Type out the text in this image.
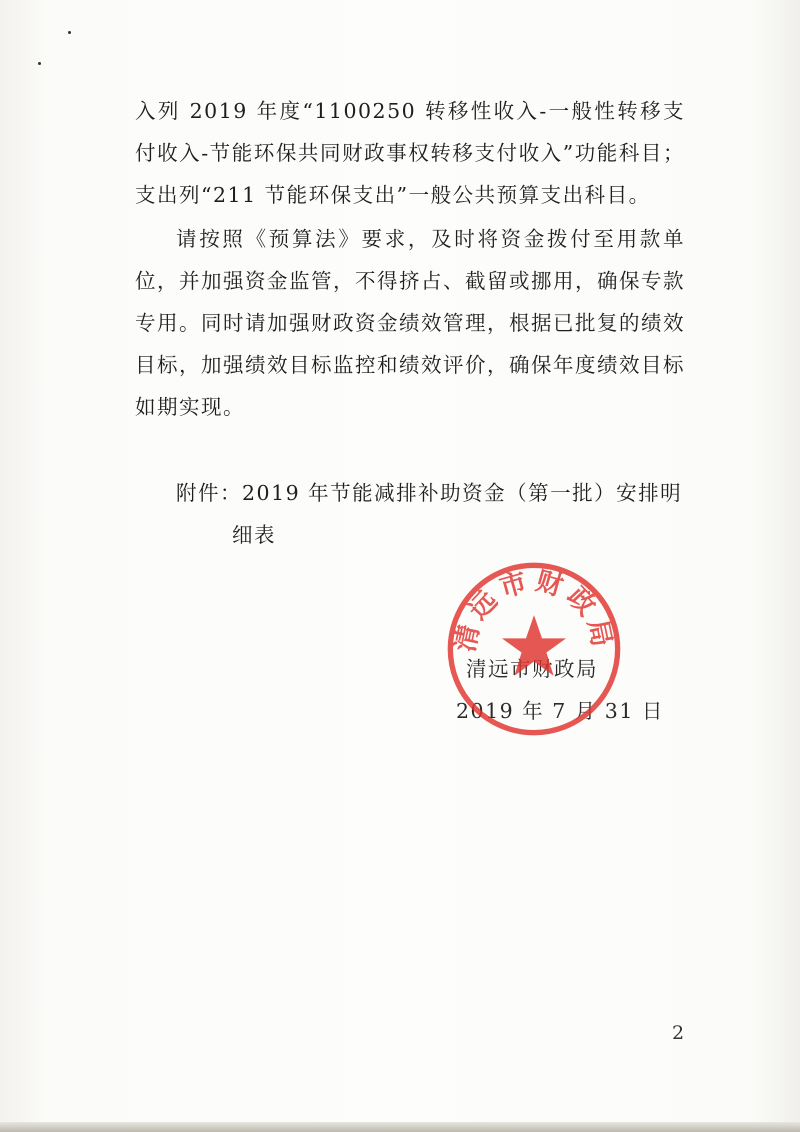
入列 2019 年度“1100250 转移性收入-一般性转移支付收入-节能环保共同财政事权转移支付收入”功能科目；支出列“211 节能环保支出”一般公共预算支出科目。

请按照《预算法》要求，及时将资金拨付至用款单位，并加强资金监管，不得挤占、截留或挪用，确保专款专用。同时请加强财政资金绩效管理，根据已批复的绩效目标，加强绩效目标监控和绩效评价，确保年度绩效目标如期实现。

附件：2019 年节能减排补助资金（第一批）安排明
细表
清远市财政局
2019 年 7 月 31 日
清远市财政局
2
